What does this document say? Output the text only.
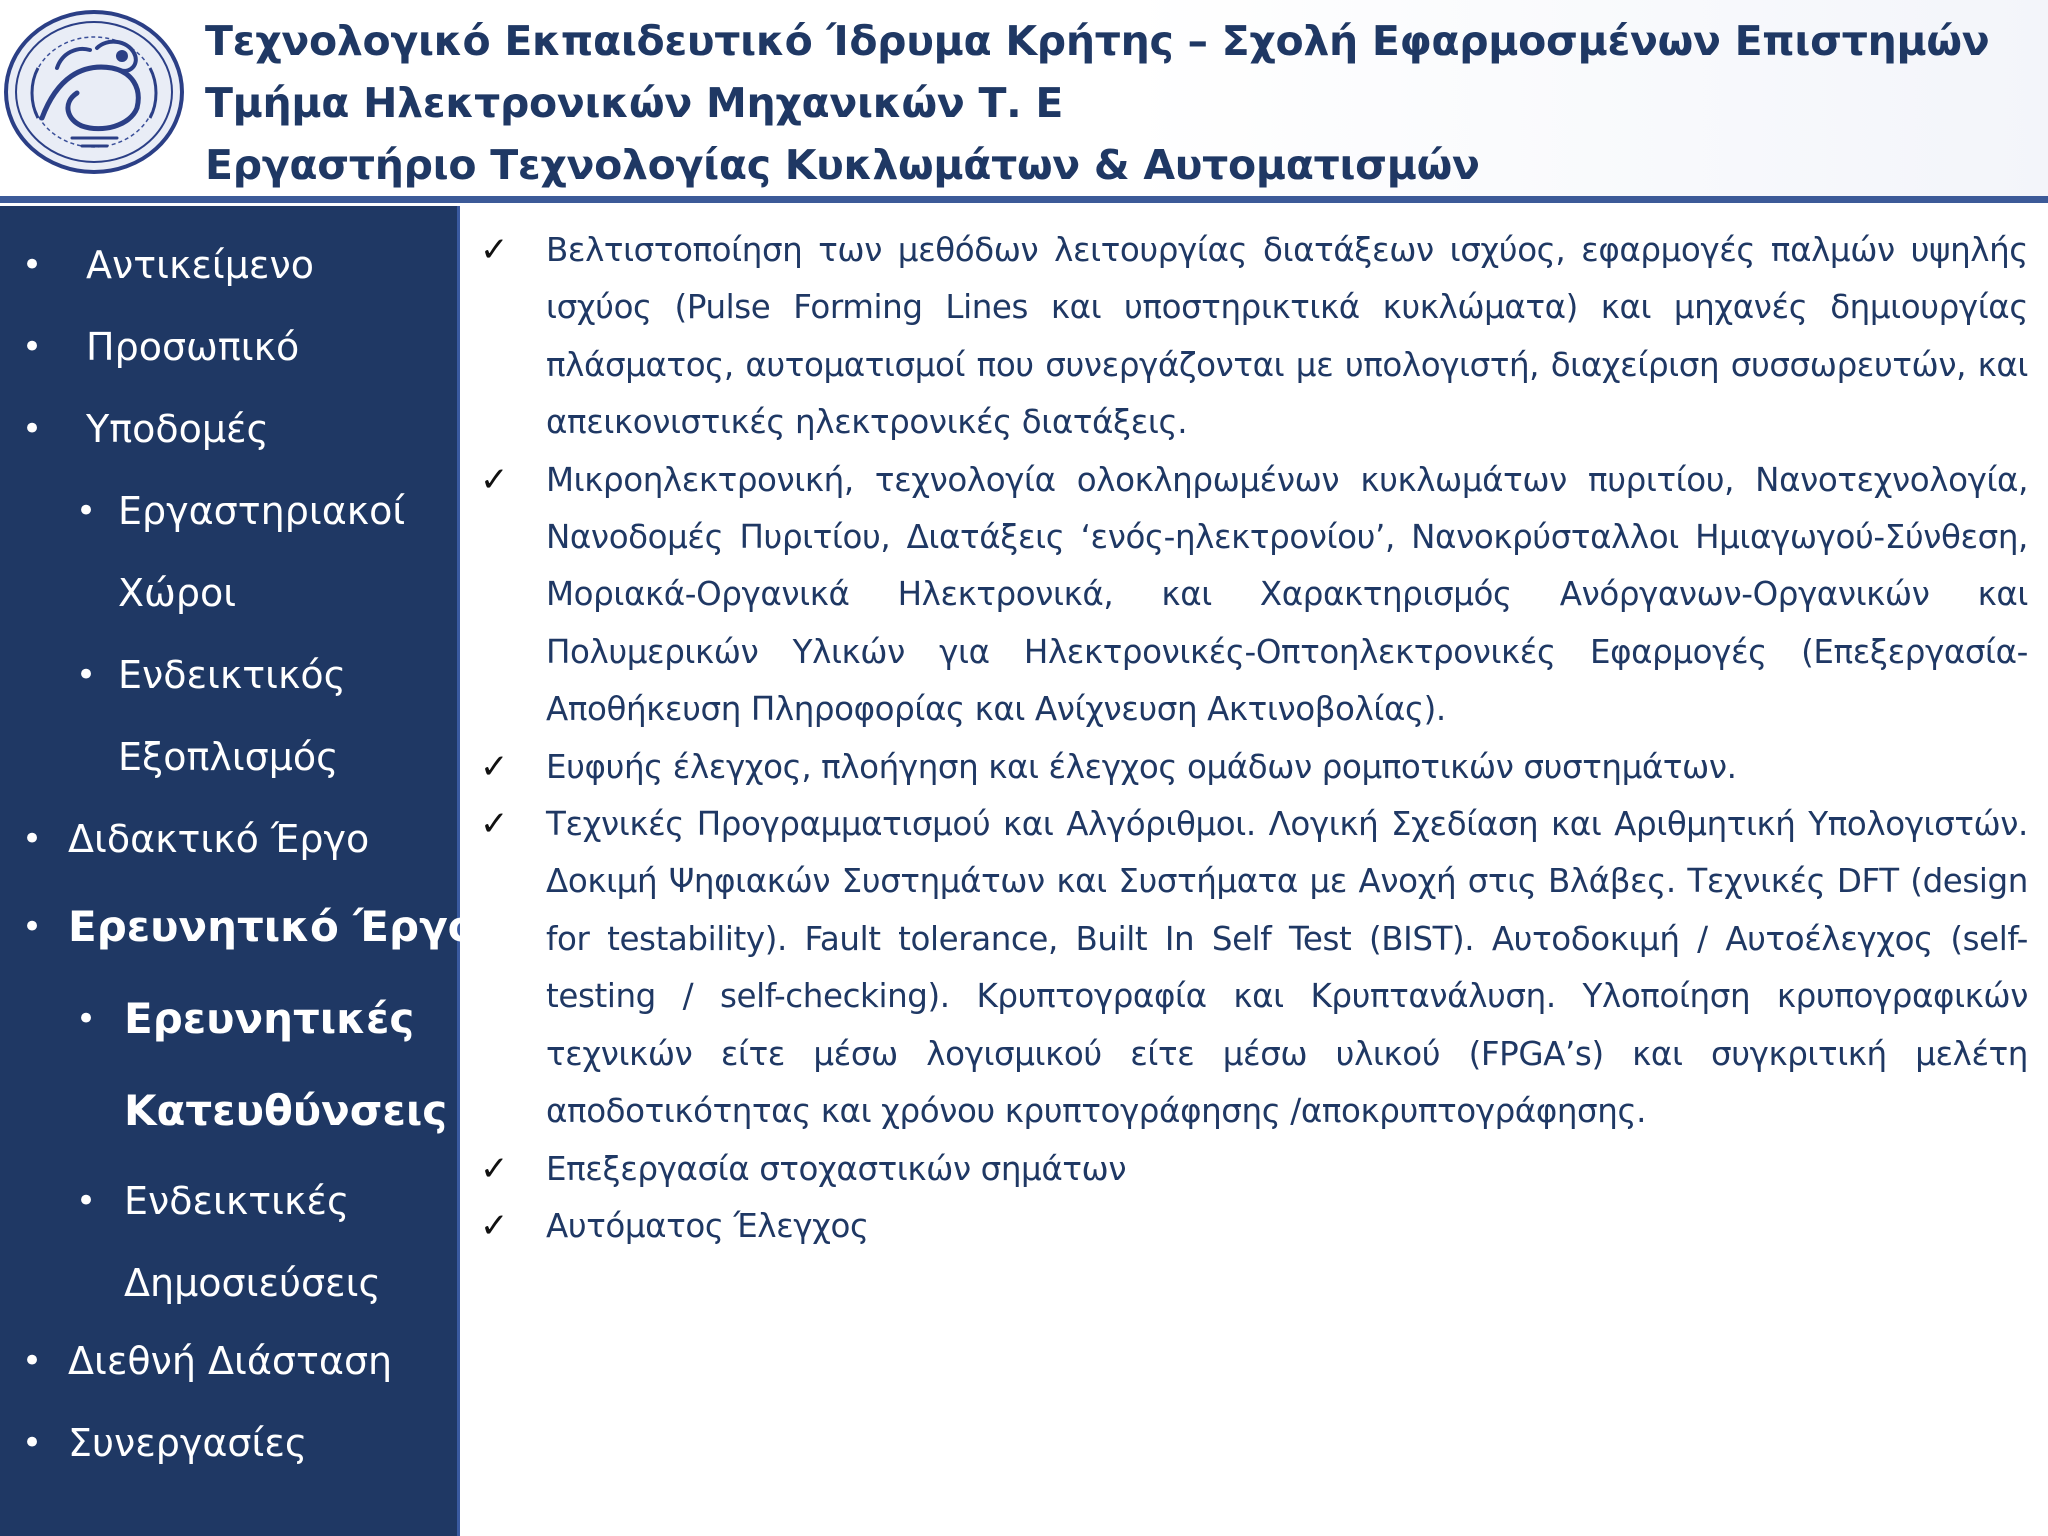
Τεχνολογικό Εκπαιδευτικό Ίδρυμα Κρήτης – Σχολή Εφαρμοσμένων Επιστημών
Τμήμα Ηλεκτρονικών Μηχανικών Τ. Ε
Εργαστήριο Τεχνολογίας Κυκλωμάτων & Αυτοματισμών
• Αντικείμενο
• Προσωπικό
• Υποδομές
• Εργαστηριακοί
Χώροι
• Ενδεικτικός
Εξοπλισμός
• Διδακτικό Έργο
• Ερευνητικό Έργο
• Ερευνητικές
Κατευθύνσεις
• Ενδεικτικές
Δημοσιεύσεις
• Διεθνή Διάσταση
• Συνεργασίες
✓ Βελτιστοποίηση των μεθόδων λειτουργίας διατάξεων ισχύος, εφαρμογές παλμών υψηλής ισχύος (Pulse Forming Lines και υποστηρικτικά κυκλώματα) και μηχανές δημιουργίας πλάσματος, αυτοματισμοί που συνεργάζονται με υπολογιστή, διαχείριση συσσωρευτών, και απεικονιστικές ηλεκτρονικές διατάξεις.
✓ Μικροηλεκτρονική, τεχνολογία ολοκληρωμένων κυκλωμάτων πυριτίου, Νανοτεχνολογία, Νανοδομές Πυριτίου, Διατάξεις ‘ενός-ηλεκτρονίου’, Νανοκρύσταλλοι Ημιαγωγού-Σύνθεση, Μοριακά-Οργανικά Ηλεκτρονικά, και Χαρακτηρισμός Ανόργανων-Οργανικών και Πολυμερικών Υλικών για Ηλεκτρονικές-Οπτοηλεκτρονικές Εφαρμογές (Επεξεργασία-Αποθήκευση Πληροφορίας και Ανίχνευση Ακτινοβολίας).
✓ Ευφυής έλεγχος, πλοήγηση και έλεγχος ομάδων ρομποτικών συστημάτων.
✓ Τεχνικές Προγραμματισμού και Αλγόριθμοι. Λογική Σχεδίαση και Αριθμητική Υπολογιστών. Δοκιμή Ψηφιακών Συστημάτων και Συστήματα με Ανοχή στις Βλάβες. Τεχνικές DFT (design for testability). Fault tolerance, Built In Self Test (BIST). Αυτοδοκιμή / Αυτοέλεγχος (self-testing / self-checking). Κρυπτογραφία και Κρυπτανάλυση. Υλοποίηση κρυπογραφικών τεχνικών είτε μέσω λογισμικού είτε μέσω υλικού (FPGA’s) και συγκριτική μελέτη αποδοτικότητας και χρόνου κρυπτογράφησης /αποκρυπτογράφησης.
✓ Επεξεργασία στοχαστικών σημάτων
✓ Αυτόματος Έλεγχος
